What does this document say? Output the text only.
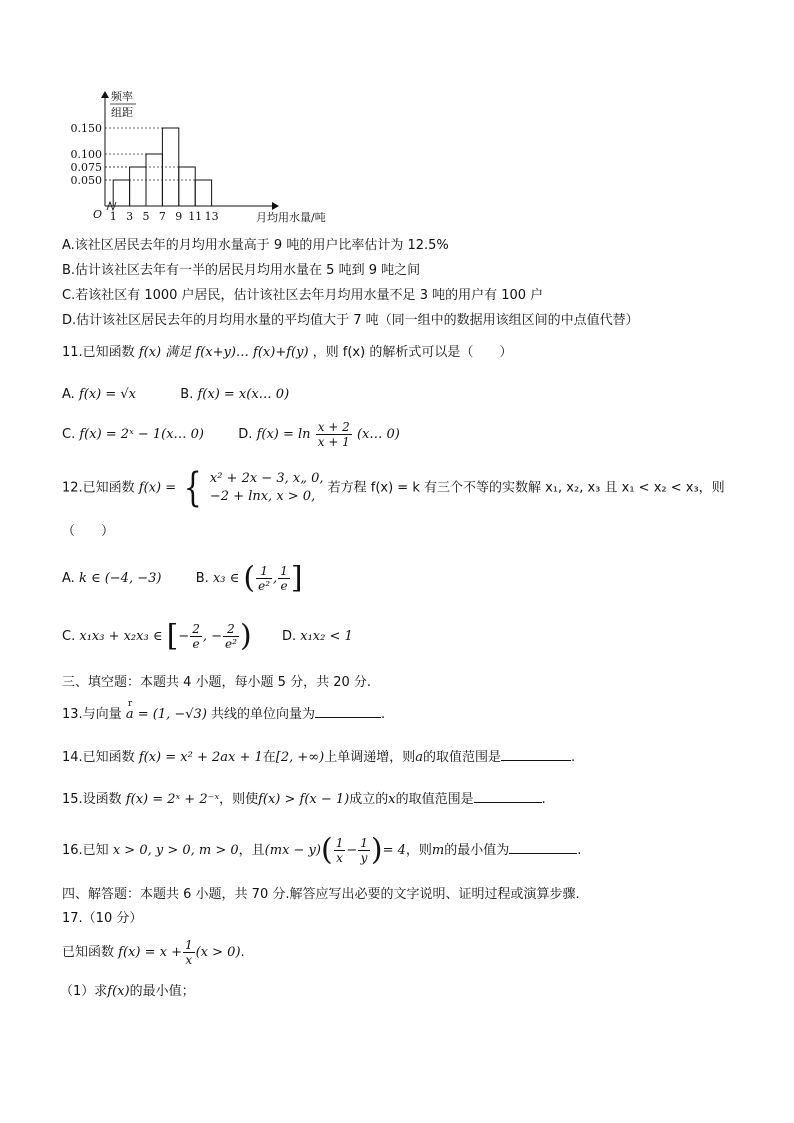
0.050
0.075
0.100
0.150
1 3 5 7 9 11 13
O
频率
组距
月均用水量/吨
A.该社区居民去年的月均用水量高于 9 吨的用户比率估计为 12.5%
B.估计该社区去年有一半的居民月均用水量在 5 吨到 9 吨之间
C.若该社区有 1000 户居民，估计该社区去年月均用水量不足 3 吨的用户有 100 户
D.估计该社区居民去年的月均用水量的平均值大于 7 吨（同一组中的数据用该组区间的中点值代替）
11.已知函数 f(x) 满足 f(x+y)… f(x)+f(y) ，则 f(x) 的解析式可以是（　　）
A. f(x) = √x	B. f(x) = x(x… 0)
C. f(x) = 2ˣ − 1(x… 0)	D. $f(x) = \ln \frac{x + 2}{x + 1}$ (x… 0)
12.已知函数 f(x) = { x² + 2x − 3, x„ 0,
−2 + lnx, x > 0,
若方程 f(x) = k 有三个不等的实数解 x₁, x₂, x₃ 且 x₁ < x₂ < x₃，则
（　　）
A. k ∈ (−4, −3)	B. x₃ ∈ ( $\frac{1}{\text{e²}}$ , $\frac{1}{e}$ ]
C. x₁x₃ + x₂x₃ ∈ [− $\frac{2}{e}$ , − $\frac{2}{\text{e²}}$ ) D. x₁x₂ < 1
三、填空题：本题共 4 小题，每小题 5 分，共 20 分.
13.与向量
r
a = (1, −√3) 共线的单位向量为	.
14.已知函数 f(x) = x² + 2ax + 1在[2, +∞)上单调递增，则a的取值范围是	.
15.设函数 f(x) = 2ˣ + 2⁻ˣ，则使f(x) > f(x − 1)成立的x的取值范围是	.
16.已知 x > 0, y > 0, m > 0，且$(mx - y)( \frac{1}{x} - \frac{1}{y}$ )= 4，则m的最小值为	.
四、解答题：本题共 6 小题，共 70 分.解答应写出必要的文字说明、证明过程或演算步骤.
17.（10 分）
已知函数 $f(x) = x + \frac{1}{x} (x > 0)$.
（1）求f(x)的最小值；
